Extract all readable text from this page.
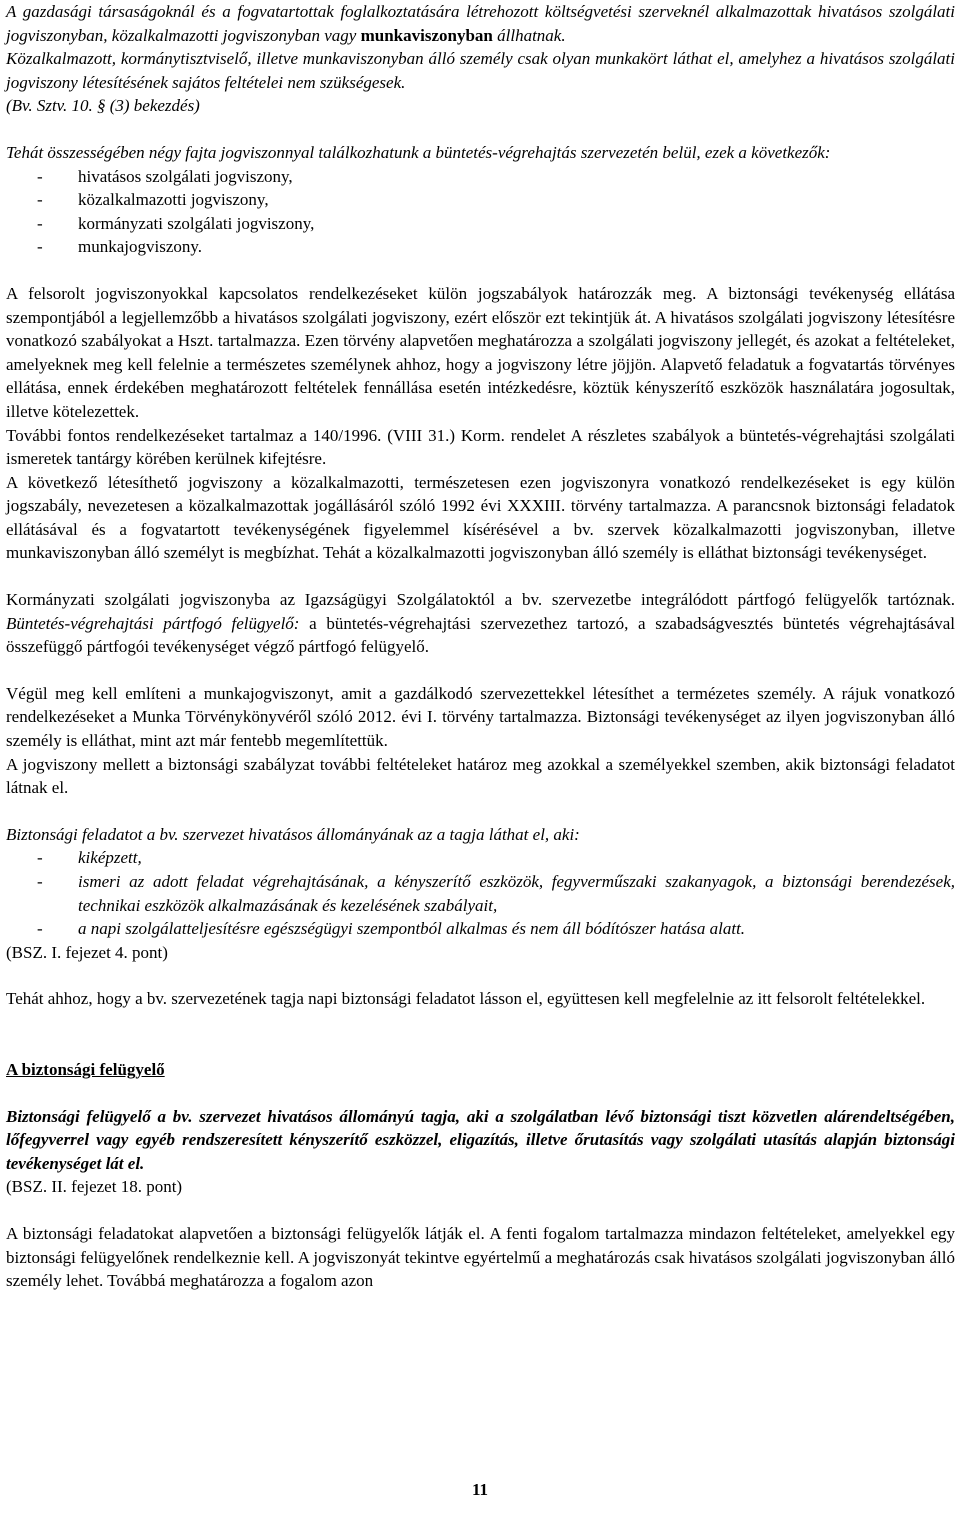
A gazdasági társaságoknál és a fogvatartottak foglalkoztatására létrehozott költségvetési szerveknél alkalmazottak hivatásos szolgálati jogviszonyban, közalkalmazotti jogviszonyban vagy munkaviszonyban állhatnak.

Közalkalmazott, kormánytisztviselő, illetve munkaviszonyban álló személy csak olyan munkakört láthat el, amelyhez a hivatásos szolgálati jogviszony létesítésének sajátos feltételei nem szükségesek.
(Bv. Sztv. 10. § (3) bekezdés)

Tehát összességében négy fajta jogviszonnyal találkozhatunk a büntetés-végrehajtás szervezetén belül, ezek a következők:

- hivatásos szolgálati jogviszony,
- közalkalmazotti jogviszony,
- kormányzati szolgálati jogviszony,
- munkajogviszony.

A felsorolt jogviszonyokkal kapcsolatos rendelkezéseket külön jogszabályok határozzák meg. A biztonsági tevékenység ellátása szempontjából a legjellemzőbb a hivatásos szolgálati jogviszony, ezért először ezt tekintjük át. A hivatásos szolgálati jogviszony létesítésre vonatkozó szabályokat a Hszt. tartalmazza. Ezen törvény alapvetően meghatározza a szolgálati jogviszony jellegét, és azokat a feltételeket, amelyeknek meg kell felelnie a természetes személynek ahhoz, hogy a jogviszony létre jöjjön. Alapvető feladatuk a fogvatartás törvényes ellátása, ennek érdekében meghatározott feltételek fennállása esetén intézkedésre, köztük kényszerítő eszközök használatára jogosultak, illetve kötelezettek.

További fontos rendelkezéseket tartalmaz a 140/1996. (VIII 31.) Korm. rendelet A részletes szabályok a büntetés-végrehajtási szolgálati ismeretek tantárgy körében kerülnek kifejtésre.

A következő létesíthető jogviszony a közalkalmazotti, természetesen ezen jogviszonyra vonatkozó rendelkezéseket is egy külön jogszabály, nevezetesen a közalkalmazottak jogállásáról szóló 1992 évi XXXIII. törvény tartalmazza. A parancsnok biztonsági feladatok ellátásával és a fogvatartott tevékenységének figyelemmel kísérésével a bv. szervek közalkalmazotti jogviszonyban, illetve munkaviszonyban álló személyt is megbízhat. Tehát a közalkalmazotti jogviszonyban álló személy is elláthat biztonsági tevékenységet.

Kormányzati szolgálati jogviszonyba az Igazságügyi Szolgálatoktól a bv. szervezetbe integrálódott pártfogó felügyelők tartóznak. Büntetés-végrehajtási pártfogó felügyelő: a büntetés-végrehajtási szervezethez tartozó, a szabadságvesztés büntetés végrehajtásával összefüggő pártfogói tevékenységet végző pártfogó felügyelő.

Végül meg kell említeni a munkajogviszonyt, amit a gazdálkodó szervezettekkel létesíthet a termézetes személy. A rájuk vonatkozó rendelkezéseket a Munka Törvénykönyvéről szóló 2012. évi I. törvény tartalmazza. Biztonsági tevékenységet az ilyen jogviszonyban álló személy is elláthat, mint azt már fentebb megemlítettük.

A jogviszony mellett a biztonsági szabályzat további feltételeket határoz meg azokkal a személyekkel szemben, akik biztonsági feladatot látnak el.

Biztonsági feladatot a bv. szervezet hivatásos állományának az a tagja láthat el, aki:

- kiképzett,
- ismeri az adott feladat végrehajtásának, a kényszerítő eszközök, fegyverműszaki szakanyagok, a biztonsági berendezések, technikai eszközök alkalmazásának és kezelésének szabályait,
- a napi szolgálatteljesítésre egészségügyi szempontból alkalmas és nem áll bódítószer hatása alatt.

(BSZ. I. fejezet 4. pont)

Tehát ahhoz, hogy a bv. szervezetének tagja napi biztonsági feladatot lásson el, együttesen kell megfelelnie az itt felsorolt feltételekkel.

A biztonsági felügyelő

Biztonsági felügyelő a bv. szervezet hivatásos állományú tagja, aki a szolgálatban lévő biztonsági tiszt közvetlen alárendeltségében, lőfegyverrel vagy egyéb rendszeresített kényszerítő eszközzel, eligazítás, illetve őrutasítás vagy szolgálati utasítás alapján biztonsági tevékenységet lát el.

(BSZ. II. fejezet 18. pont)

A biztonsági feladatokat alapvetően a biztonsági felügyelők látják el. A fenti fogalom tartalmazza mindazon feltételeket, amelyekkel egy biztonsági felügyelőnek rendelkeznie kell. A jogviszonyát tekintve egyértelmű a meghatározás csak hivatásos szolgálati jogviszonyban álló személy lehet. Továbbá meghatározza a fogalom azon

11
